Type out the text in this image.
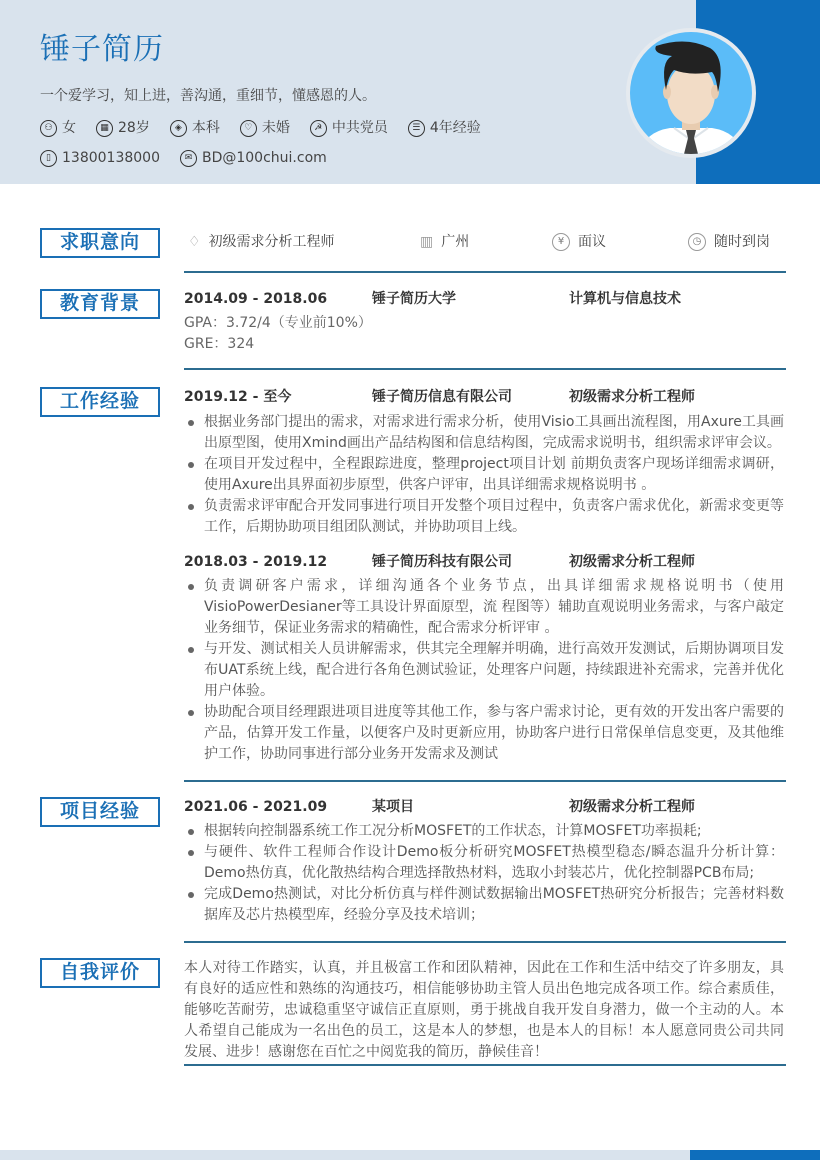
锤子简历
一个爱学习，知上进，善沟通，重细节，懂感恩的人。
⚇ 女	▦ 28岁	◈ 本科	♡ 未婚	☭ 中共党员	☰ 4年经验
▯ 13800138000	✉ BD@100chui.com
求职意向	♢ 初级需求分析工程师	▥ 广州	¥ 面议	◷ 随时到岗
教育背景	2014.09 - 2018.06	锤子简历大学	计算机与信息技术
GPA：3.72/4（专业前10%）
GRE：324
工作经验	2019.12 - 至今	锤子简历信息有限公司	初级需求分析工程师
根据业务部门提出的需求，对需求进行需求分析，使用Visio工具画出流程图，用Axure工具画出原型图，使用Xmind画出产品结构图和信息结构图，完成需求说明书，组织需求评审会议。
在项目开发过程中，全程跟踪进度，整理project项目计划 前期负责客户现场详细需求调研，使用Axure出具界面初步原型，供客户评审，出具详细需求规格说明书 。
负责需求评审配合开发同事进行项目开发整个项目过程中，负责客户需求优化，新需求变更等工作，后期协助项目组团队测试，并协助项目上线。
2018.03 - 2019.12	锤子简历科技有限公司	初级需求分析工程师
负责调研客户需求，详细沟通各个业务节点，出具详细需求规格说明书（使用VisioPowerDesianer等工具设计界面原型，流 程图等）辅助直观说明业务需求，与客户敲定业务细节，保证业务需求的精确性，配合需求分析评审 。
与开发、测试相关人员讲解需求，供其完全理解并明确，进行高效开发测试，后期协调项目发布UAT系统上线，配合进行各角色测试验证，处理客户问题，持续跟进补充需求，完善并优化用户体验。
协助配合项目经理跟进项目进度等其他工作，参与客户需求讨论，更有效的开发出客户需要的产品，估算开发工作量，以便客户及时更新应用，协助客户进行日常保单信息变更，及其他维护工作，协助同事进行部分业务开发需求及测试
项目经验	2021.06 - 2021.09	某项目	初级需求分析工程师
根据转向控制器系统工作工况分析MOSFET的工作状态，计算MOSFET功率损耗;
与硬件、软件工程师合作设计Demo板分析研究MOSFET热模型稳态/瞬态温升分析计算：Demo热仿真，优化散热结构合理选择散热材料，选取小封装芯片，优化控制器PCB布局;
完成Demo热测试，对比分析仿真与样件测试数据输出MOSFET热研究分析报告；完善材料数据库及芯片热模型库，经验分享及技术培训；
自我评价	本人对待工作踏实，认真，并且极富工作和团队精神，因此在工作和生活中结交了许多朋友，具有良好的适应性和熟练的沟通技巧，相信能够协助主管人员出色地完成各项工作。综合素质佳，能够吃苦耐劳，忠诚稳重坚守诚信正直原则，勇于挑战自我开发自身潜力，做一个主动的人。本人希望自己能成为一名出色的员工，这是本人的梦想，也是本人的目标！本人愿意同贵公司共同发展、进步！感谢您在百忙之中阅览我的简历，静候佳音！
